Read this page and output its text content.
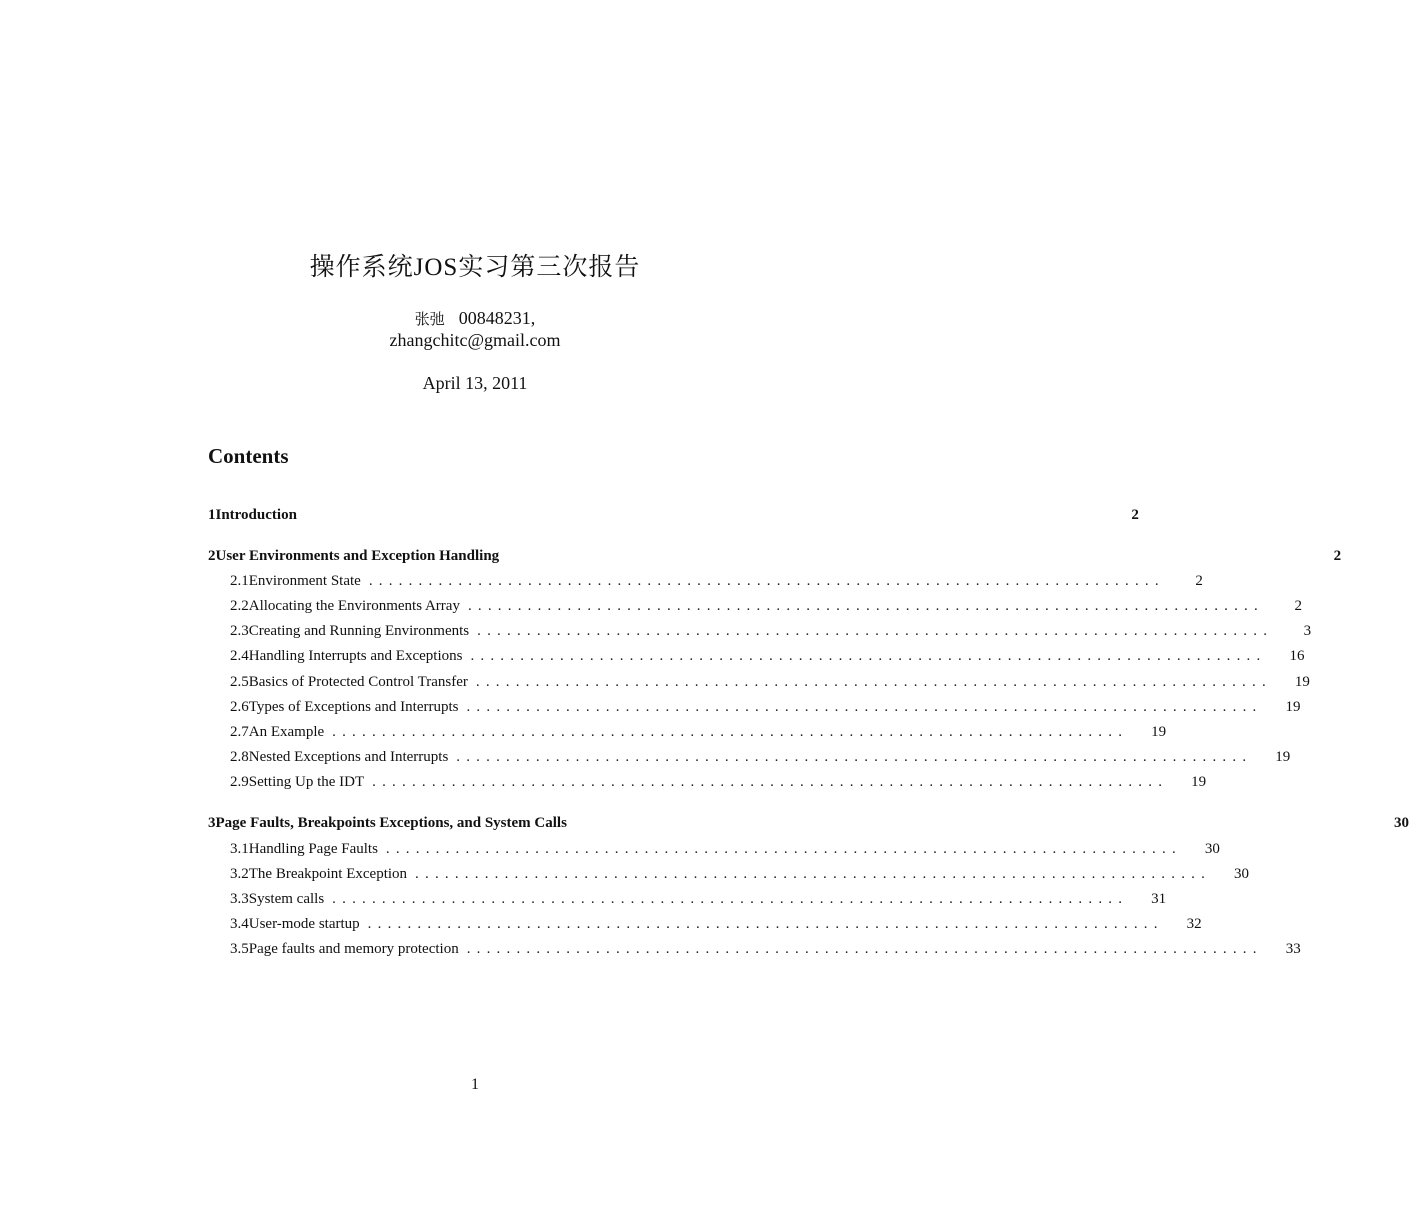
操作系统JOS实习第三次报告
张弛 00848231,
zhangchitc@gmail.com
April 13, 2011
Contents
1 Introduction	2
2 User Environments and Exception Handling	2
2.1 Environment State ................................................................................	2
2.2 Allocating the Environments Array ................................................................................	2
2.3 Creating and Running Environments ................................................................................	3
2.4 Handling Interrupts and Exceptions ................................................................................	16
2.5 Basics of Protected Control Transfer ................................................................................	19
2.6 Types of Exceptions and Interrupts ................................................................................	19
2.7 An Example ................................................................................	19
2.8 Nested Exceptions and Interrupts ................................................................................	19
2.9 Setting Up the IDT ................................................................................	19
3 Page Faults, Breakpoints Exceptions, and System Calls	30
3.1 Handling Page Faults ................................................................................	30
3.2 The Breakpoint Exception ................................................................................	30
3.3 System calls ................................................................................	31
3.4 User-mode startup ................................................................................	32
3.5 Page faults and memory protection ................................................................................	33
1
